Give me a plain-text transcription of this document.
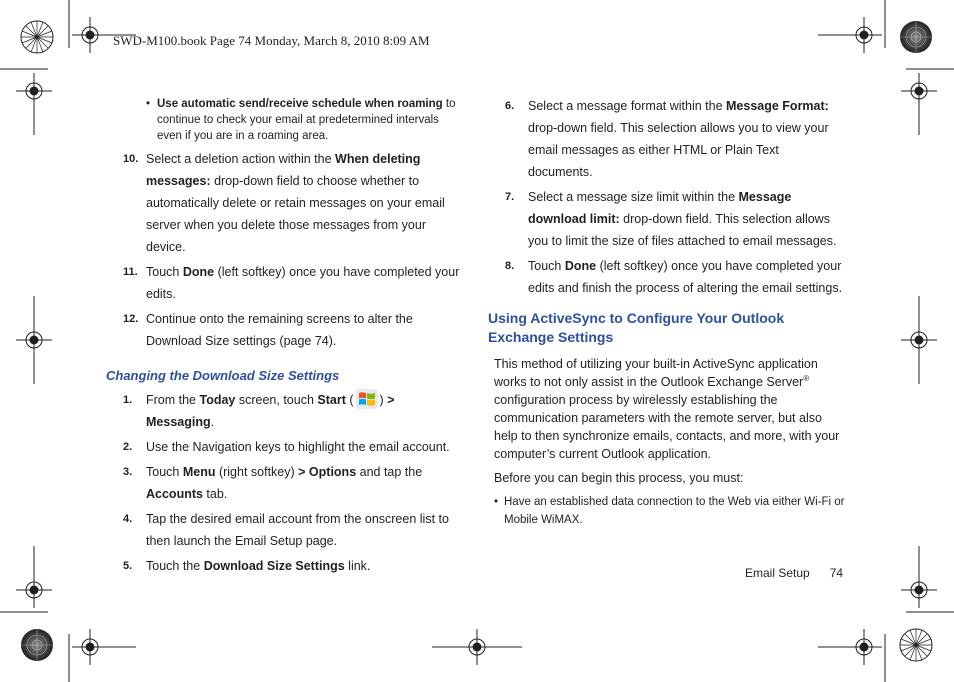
SWD-M100.book Page 74 Monday, March 8, 2010 8:09 AM
• Use automatic send/receive schedule when roaming to continue to check your email at predetermined intervals even if you are in a roaming area.
10. Select a deletion action within the When deleting messages: drop-down field to choose whether to automatically delete or retain messages on your email server when you delete those messages from your device.
11. Touch Done (left softkey) once you have completed your edits.
12. Continue onto the remaining screens to alter the Download Size settings (page 74).
Changing the Download Size Settings
1. From the Today screen, touch Start ( ) > Messaging.
2. Use the Navigation keys to highlight the email account.
3. Touch Menu (right softkey) > Options and tap the Accounts tab.
4. Tap the desired email account from the onscreen list to then launch the Email Setup page.
5. Touch the Download Size Settings link.
6. Select a message format within the Message Format: drop-down field. This selection allows you to view your email messages as either HTML or Plain Text documents.
7. Select a message size limit within the Message download limit: drop-down field. This selection allows you to limit the size of files attached to email messages.
8. Touch Done (left softkey) once you have completed your edits and finish the process of altering the email settings.
Using ActiveSync to Configure Your Outlook Exchange Settings
This method of utilizing your built-in ActiveSync application works to not only assist in the Outlook Exchange Server® configuration process by wirelessly establishing the communication parameters with the remote server, but also help to then synchronize emails, contacts, and more, with your computer’s current Outlook application.
Before you can begin this process, you must:
• Have an established data connection to the Web via either Wi-Fi or Mobile WiMAX.
Email Setup 74
